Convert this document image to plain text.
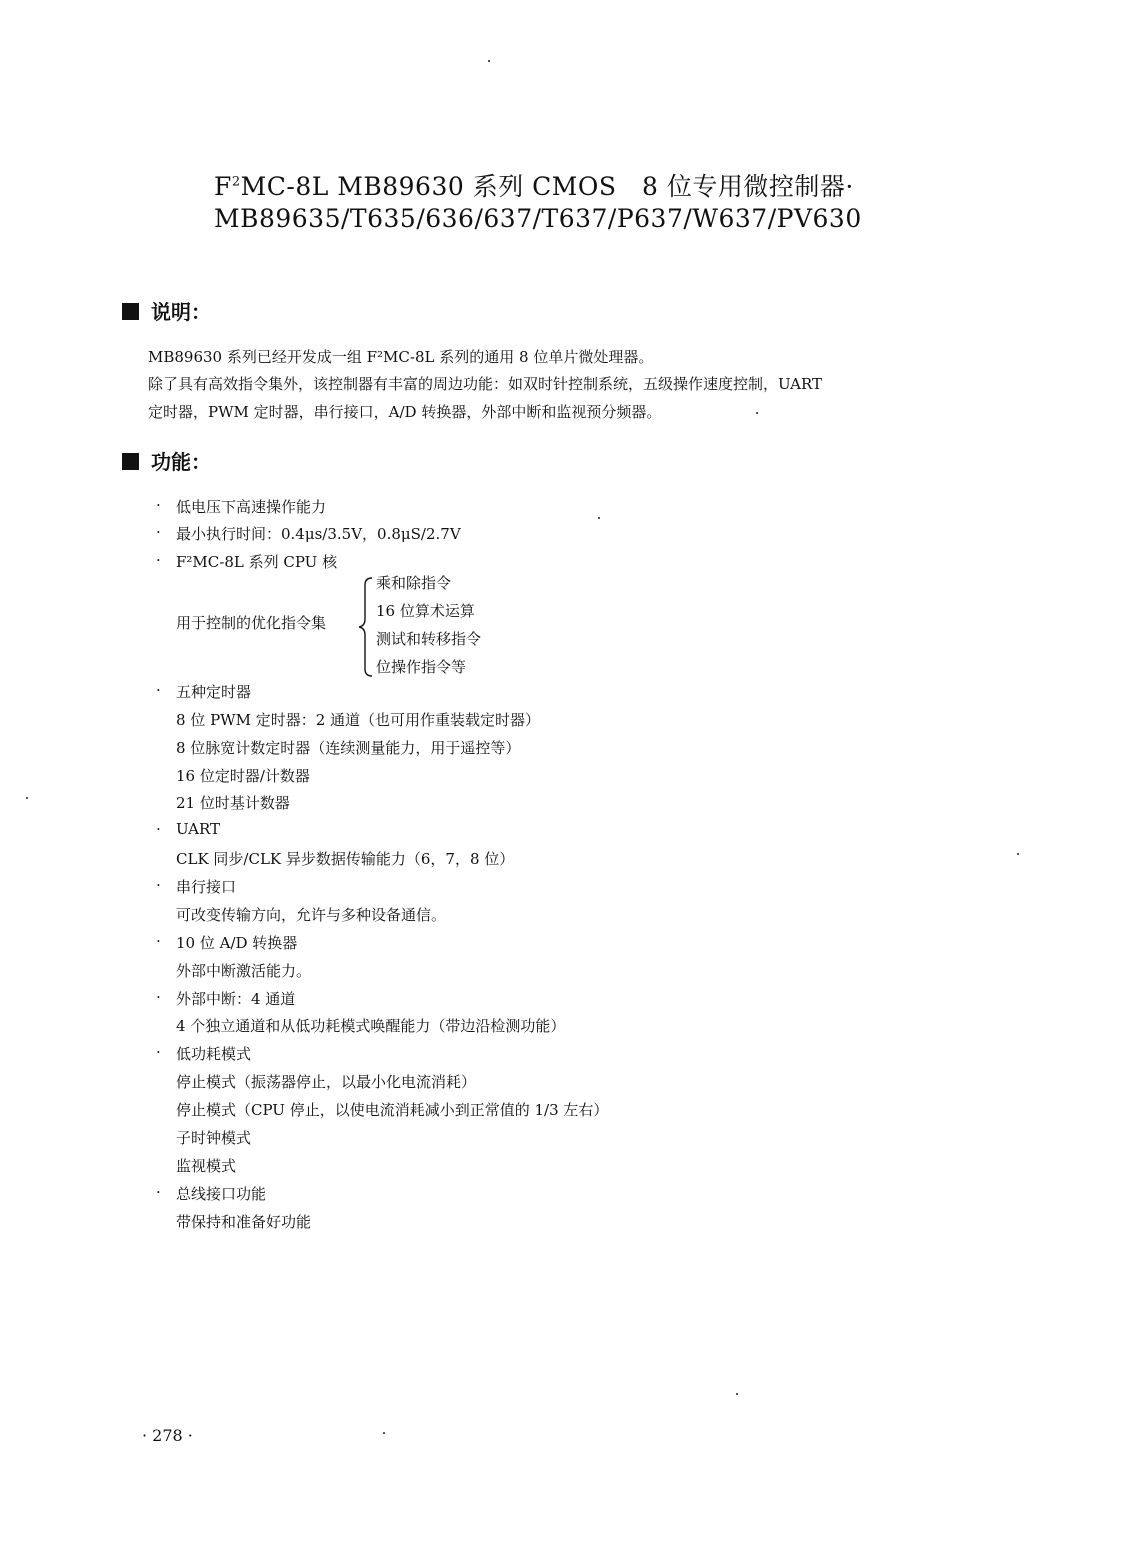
$F^2MC-8L$ MB89630 系列 CMOS　8 位专用微控制器·
MB89635/T635/636/637/T637/P637/W637/PV630
说明：
MB89630 系列已经开发成一组 F²MC-8L 系列的通用 8 位单片微处理器。
除了具有高效指令集外，该控制器有丰富的周边功能：如双时针控制系统，五级操作速度控制，UART
定时器，PWM 定时器，串行接口，A/D 转换器，外部中断和监视预分频器。
功能：
· 低电压下高速操作能力
· 最小执行时间：0.4μs/3.5V，0.8μS/2.7V
· F²MC-8L 系列 CPU 核
用于控制的优化指令集
乘和除指令
16 位算术运算
测试和转移指令
位操作指令等
· 五种定时器
8 位 PWM 定时器：2 通道（也可用作重装载定时器）
8 位脉宽计数定时器（连续测量能力，用于遥控等）
16 位定时器/计数器
21 位时基计数器
· UART
CLK 同步/CLK 异步数据传输能力（6，7，8 位）
· 串行接口
可改变传输方向，允许与多种设备通信。
· 10 位 A/D 转换器
外部中断激活能力。
· 外部中断：4 通道
4 个独立通道和从低功耗模式唤醒能力（带边沿检测功能）
· 低功耗模式
停止模式（振荡器停止，以最小化电流消耗）
停止模式（CPU 停止，以使电流消耗减小到正常值的 1/3 左右）
子时钟模式
监视模式
· 总线接口功能
带保持和准备好功能
· 278 ·
